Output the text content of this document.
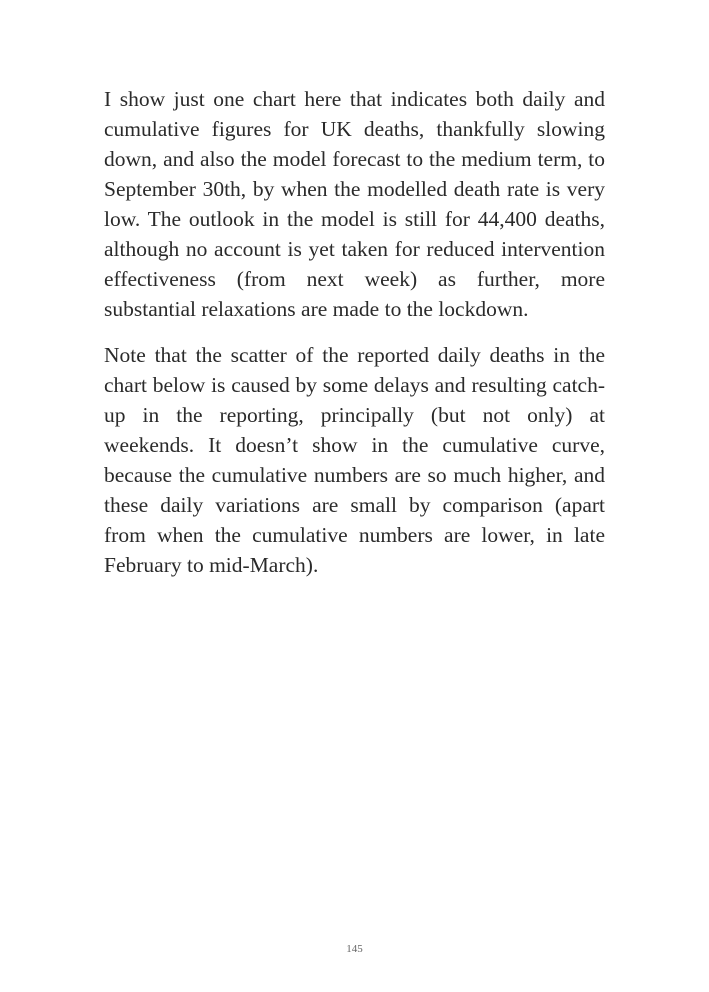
I show just one chart here that indicates both daily and cumulative figures for UK deaths, thankfully slowing down, and also the model forecast to the medium term, to September 30th, by when the modelled death rate is very low. The outlook in the model is still for 44,400 deaths, although no account is yet taken for reduced intervention effectiveness (from next week) as further, more substantial relaxations are made to the lockdown.

Note that the scatter of the reported daily deaths in the chart below is caused by some delays and resulting catch-up in the reporting, principally (but not only) at weekends. It doesn’t show in the cumulative curve, because the cumulative numbers are so much higher, and these daily variations are small by comparison (apart from when the cumulative numbers are lower, in late February to mid-March).

145
